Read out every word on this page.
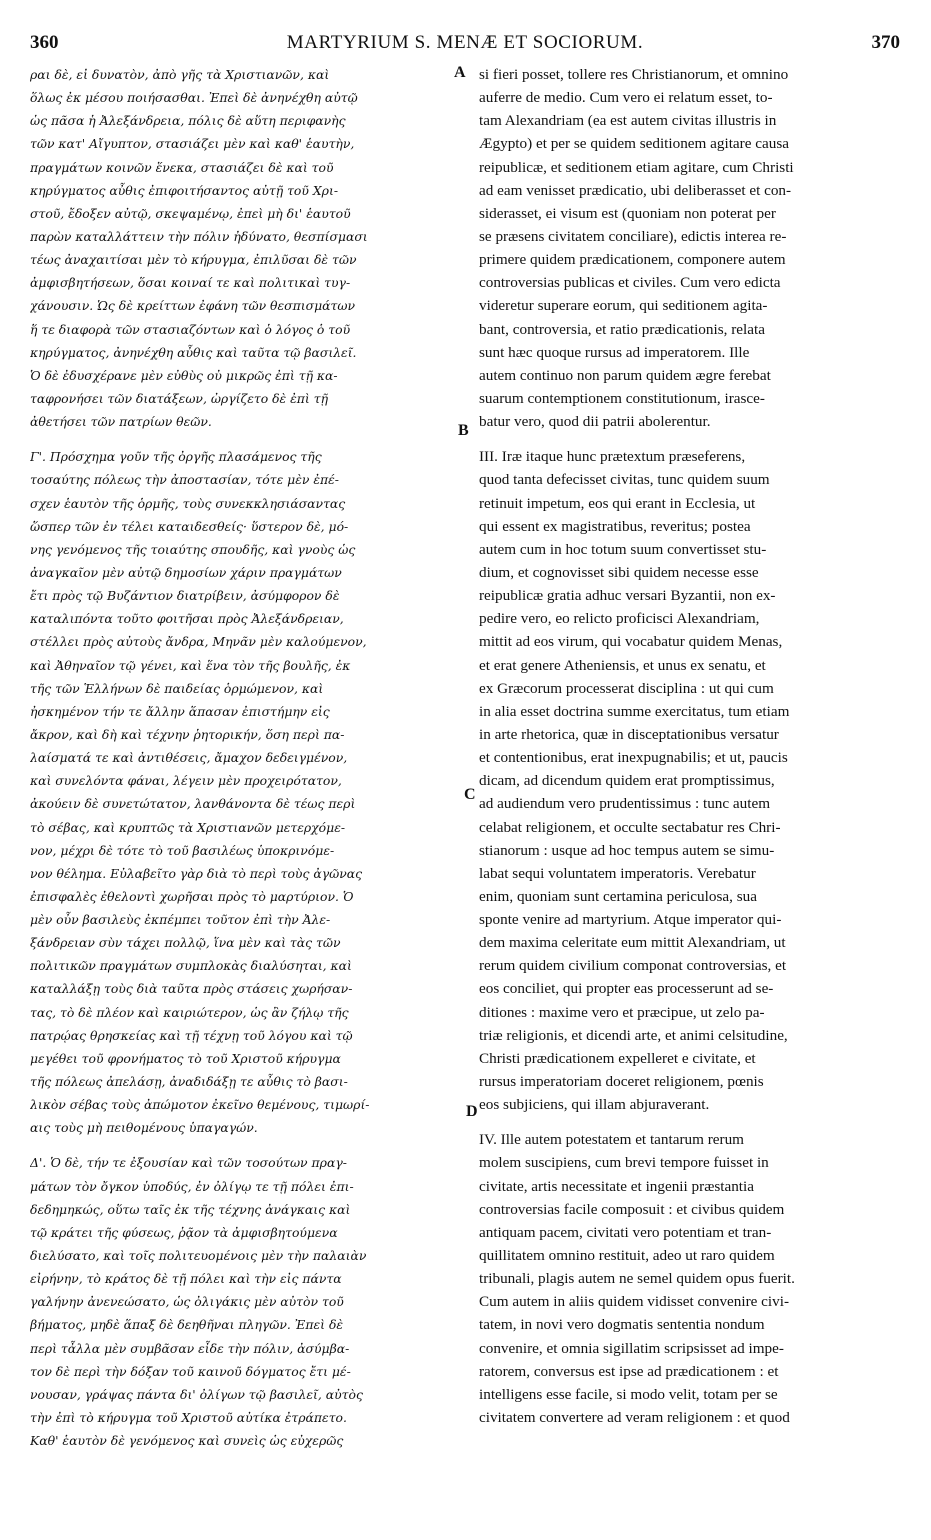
360	MARTYRIUM S. MENÆ ET SOCIORUM.	370
ραι δὲ, εἰ δυνατὸν, ἀπὸ γῆς τὰ Χριστιανῶν, καὶ
ὅλως ἐκ μέσου ποιήσασθαι. Ἐπεὶ δὲ ἀνηνέχθη αὐτῷ
ὡς πᾶσα ἡ Ἀλεξάνδρεια, πόλις δὲ αὕτη περιφανὴς
τῶν κατ' Αἴγυπτον, στασιάζει μὲν καὶ καθ' ἑαυτὴν,
πραγμάτων κοινῶν ἕνεκα, στασιάζει δὲ καὶ τοῦ
κηρύγματος αὖθις ἐπιφοιτήσαντος αὐτῇ τοῦ Χρι-
στοῦ, ἔδοξεν αὐτῷ, σκεψαμένῳ, ἐπεὶ μὴ δι' ἑαυτοῦ
παρὼν καταλλάττειν τὴν πόλιν ἠδύνατο, θεσπίσμασι
τέως ἀναχαιτίσαι μὲν τὸ κήρυγμα, ἐπιλῦσαι δὲ τῶν
ἀμφισβητήσεων, ὅσαι κοιναί τε καὶ πολιτικαὶ τυγ-
χάνουσιν. Ὡς δὲ κρείττων ἐφάνη τῶν θεσπισμάτων
ἥ τε διαφορὰ τῶν στασιαζόντων καὶ ὁ λόγος ὁ τοῦ
κηρύγματος, ἀνηνέχθη αὖθις καὶ ταῦτα τῷ βασιλεῖ.
Ὁ δὲ ἐδυσχέρανε μὲν εὐθὺς οὐ μικρῶς ἐπὶ τῇ κα-
ταφρονήσει τῶν διατάξεων, ὠργίζετο δὲ ἐπὶ τῇ
ἀθετήσει τῶν πατρίων θεῶν.
Γ'. Πρόσχημα γοῦν τῆς ὀργῆς πλασάμενος τῆς
τοσαύτης πόλεως τὴν ἀποστασίαν, τότε μὲν ἐπέ-
σχεν ἑαυτὸν τῆς ὁρμῆς, τοὺς συνεκκλησιάσαντας
ὥσπερ τῶν ἐν τέλει καταιδεσθείς· ὕστερον δὲ, μό-
νης γενόμενος τῆς τοιαύτης σπουδῆς, καὶ γνοὺς ὡς
ἀναγκαῖον μὲν αὐτῷ δημοσίων χάριν πραγμάτων
ἔτι πρὸς τῷ Βυζάντιον διατρίβειν, ἀσύμφορον δὲ
καταλιπόντα τοῦτο φοιτῆσαι πρὸς Ἀλεξάνδρειαν,
στέλλει πρὸς αὐτοὺς ἄνδρα, Μηνᾶν μὲν καλούμενον,
καὶ Ἀθηναῖον τῷ γένει, καὶ ἕνα τὸν τῆς βουλῆς, ἐκ
τῆς τῶν Ἑλλήνων δὲ παιδείας ὁρμώμενον, καὶ
ἠσκημένον τήν τε ἄλλην ἅπασαν ἐπιστήμην εἰς
ἄκρον, καὶ δὴ καὶ τέχνην ῥητορικήν, ὅση περὶ πα-
λαίσματά τε καὶ ἀντιθέσεις, ἄμαχον δεδειγμένον,
καὶ συνελόντα φάναι, λέγειν μὲν προχειρότατον,
ἀκούειν δὲ συνετώτατον, λανθάνοντα δὲ τέως περὶ
τὸ σέβας, καὶ κρυπτῶς τὰ Χριστιανῶν μετερχόμε-
νον, μέχρι δὲ τότε τὸ τοῦ βασιλέως ὑποκρινόμε-
νον θέλημα. Εὐλαβεῖτο γὰρ διὰ τὸ περὶ τοὺς ἀγῶνας
ἐπισφαλὲς ἐθελοντὶ χωρῆσαι πρὸς τὸ μαρτύριον. Ὁ
μὲν οὖν βασιλεὺς ἐκπέμπει τοῦτον ἐπὶ τὴν Ἀλε-
ξάνδρειαν σὺν τάχει πολλῷ, ἵνα μὲν καὶ τὰς τῶν
πολιτικῶν πραγμάτων συμπλοκὰς διαλύσηται, καὶ
καταλλάξῃ τοὺς διὰ ταῦτα πρὸς στάσεις χωρήσαν-
τας, τὸ δὲ πλέον καὶ καιριώτερον, ὡς ἂν ζήλῳ τῆς
πατρῴας θρησκείας καὶ τῇ τέχνῃ τοῦ λόγου καὶ τῷ
μεγέθει τοῦ φρονήματος τὸ τοῦ Χριστοῦ κήρυγμα
τῆς πόλεως ἀπελάσῃ, ἀναδιδάξῃ τε αὖθις τὸ βασι-
λικὸν σέβας τοὺς ἀπώμοτον ἐκεῖνο θεμένους, τιμωρί-
αις τοὺς μὴ πειθομένους ὑπαγαγών.
Δ'. Ὁ δὲ, τήν τε ἐξουσίαν καὶ τῶν τοσούτων πραγ-
μάτων τὸν ὄγκον ὑποδύς, ἐν ὀλίγῳ τε τῇ πόλει ἐπι-
δεδημηκώς, οὕτω ταῖς ἐκ τῆς τέχνης ἀνάγκαις καὶ
τῷ κράτει τῆς φύσεως, ῥᾷον τὰ ἀμφισβητούμενα
διελύσατο, καὶ τοῖς πολιτευομένοις μὲν τὴν παλαιὰν
εἰρήνην, τὸ κράτος δὲ τῇ πόλει καὶ τὴν εἰς πάντα
γαλήνην ἀνενεώσατο, ὡς ὀλιγάκις μὲν αὐτὸν τοῦ
βήματος, μηδὲ ἅπαξ δὲ δεηθῆναι πληγῶν. Ἐπεὶ δὲ
περὶ τἆλλα μὲν συμβᾶσαν εἶδε τὴν πόλιν, ἀσύμβα-
τον δὲ περὶ τὴν δόξαν τοῦ καινοῦ δόγματος ἔτι μέ-
νουσαν, γράψας πάντα δι' ὀλίγων τῷ βασιλεῖ, αὐτὸς
τὴν ἐπὶ τὸ κήρυγμα τοῦ Χριστοῦ αὐτίκα ἐτράπετο.
Καθ' ἑαυτὸν δὲ γενόμενος καὶ συνεὶς ὡς εὐχερῶς
si fieri posset, tollere res Christianorum, et omnino
auferre de medio. Cum vero ei relatum esset, to-
tam Alexandriam (ea est autem civitas illustris in
Ægypto) et per se quidem seditionem agitare causa
reipublicæ, et seditionem etiam agitare, cum Christi
ad eam venisset prædicatio, ubi deliberasset et con-
siderasset, ei visum est (quoniam non poterat per
se præsens civitatem conciliare), edictis interea re-
primere quidem prædicationem, componere autem
controversias publicas et civiles. Cum vero edicta
videretur superare eorum, qui seditionem agita-
bant, controversia, et ratio prædicationis, relata
sunt hæc quoque rursus ad imperatorem. Ille
autem continuo non parum quidem ægre ferebat
suarum contemptionem constitutionum, irasce-
batur vero, quod dii patrii abolerentur.
III. Iræ itaque hunc prætextum præseferens,
quod tanta defecisset civitas, tunc quidem suum
retinuit impetum, eos qui erant in Ecclesia, ut
qui essent ex magistratibus, reveritus; postea
autem cum in hoc totum suum convertisset stu-
dium, et cognovisset sibi quidem necesse esse
reipublicæ gratia adhuc versari Byzantii, non ex-
pedire vero, eo relicto proficisci Alexandriam,
mittit ad eos virum, qui vocabatur quidem Menas,
et erat genere Atheniensis, et unus ex senatu, et
ex Græcorum processerat disciplina : ut qui cum
in alia esset doctrina summe exercitatus, tum etiam
in arte rhetorica, quæ in disceptationibus versatur
et contentionibus, erat inexpugnabilis; et ut, paucis
dicam, ad dicendum quidem erat promptissimus,
ad audiendum vero prudentissimus : tunc autem
celabat religionem, et occulte sectabatur res Chri-
stianorum : usque ad hoc tempus autem se simu-
labat sequi voluntatem imperatoris. Verebatur
enim, quoniam sunt certamina periculosa, sua
sponte venire ad martyrium. Atque imperator qui-
dem maxima celeritate eum mittit Alexandriam, ut
rerum quidem civilium componat controversias, et
eos conciliet, qui propter eas processerunt ad se-
ditiones : maxime vero et præcipue, ut zelo pa-
triæ religionis, et dicendi arte, et animi celsitudine,
Christi prædicationem expelleret e civitate, et
rursus imperatoriam doceret religionem, pœnis
eos subjiciens, qui illam abjuraverant.
IV. Ille autem potestatem et tantarum rerum
molem suscipiens, cum brevi tempore fuisset in
civitate, artis necessitate et ingenii præstantia
controversias facile composuit : et civibus quidem
antiquam pacem, civitati vero potentiam et tran-
quillitatem omnino restituit, adeo ut raro quidem
tribunali, plagis autem ne semel quidem opus fuerit.
Cum autem in aliis quidem vidisset convenire civi-
tatem, in novi vero dogmatis sententia nondum
convenire, et omnia sigillatim scripsisset ad impe-
ratorem, conversus est ipse ad prædicationem : et
intelligens esse facile, si modo velit, totam per se
civitatem convertere ad veram religionem : et quod
A
B
C
D
